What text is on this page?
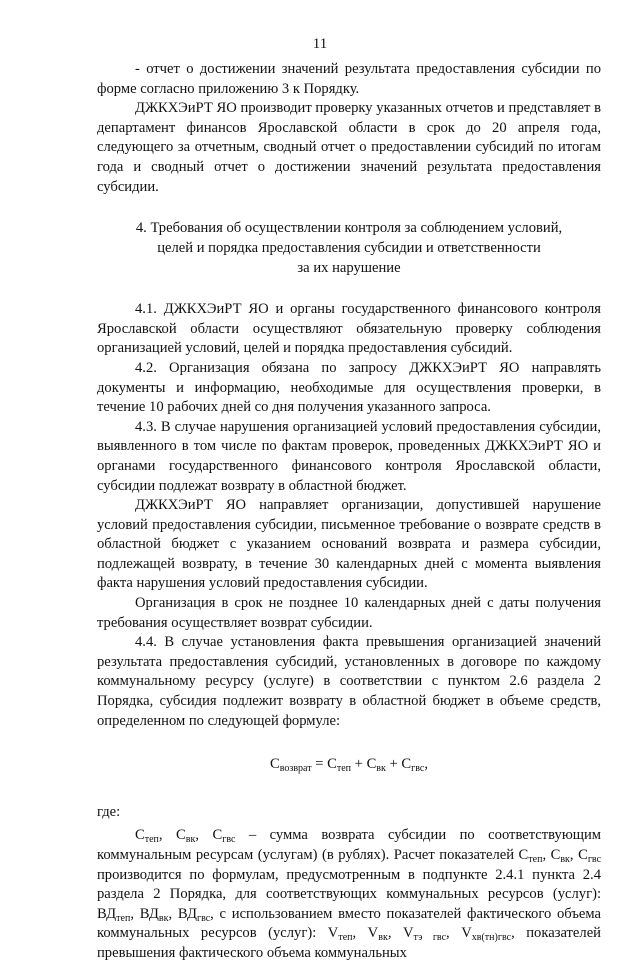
11

- отчет о достижении значений результата предоставления субсидии по форме согласно приложению 3 к Порядку.

ДЖКХЭиРТ ЯО производит проверку указанных отчетов и представляет в департамент финансов Ярославской области в срок до 20 апреля года, следующего за отчетным, сводный отчет о предоставлении субсидий по итогам года и сводный отчет о достижении значений результата предоставления субсидии.

4. Требования об осуществлении контроля за соблюдением условий,
целей и порядка предоставления субсидии и ответственности
за их нарушение

4.1. ДЖКХЭиРТ ЯО и органы государственного финансового контроля Ярославской области осуществляют обязательную проверку соблюдения организацией условий, целей и порядка предоставления субсидий.

4.2. Организация обязана по запросу ДЖКХЭиРТ ЯО направлять документы и информацию, необходимые для осуществления проверки, в течение 10 рабочих дней со дня получения указанного запроса.

4.3. В случае нарушения организацией условий предоставления субсидии, выявленного в том числе по фактам проверок, проведенных ДЖКХЭиРТ ЯО и органами государственного финансового контроля Ярославской области, субсидии подлежат возврату в областной бюджет.

ДЖКХЭиРТ ЯО направляет организации, допустившей нарушение условий предоставления субсидии, письменное требование о возврате средств в областной бюджет с указанием оснований возврата и размера субсидии, подлежащей возврату, в течение 30 календарных дней с момента выявления факта нарушения условий предоставления субсидии.

Организация в срок не позднее 10 календарных дней с даты получения требования осуществляет возврат субсидии.

4.4. В случае установления факта превышения организацией значений результата предоставления субсидий, установленных в договоре по каждому коммунальному ресурсу (услуге) в соответствии с пунктом 2.6 раздела 2 Порядка, субсидия подлежит возврату в областной бюджет в объеме средств, определенном по следующей формуле:

$С_{возврат} = С_{теп} + С_{вк} + С_{гвс}$,

где:

$С_{теп}$, $С_{вк}$, $С_{гвс}$ – сумма возврата субсидии по соответствующим коммунальным ресурсам (услугам) (в рублях). Расчет показателей $С_{теп}$, $С_{вк}$, $С_{гвс}$ производится по формулам, предусмотренным в подпункте 2.4.1 пункта 2.4 раздела 2 Порядка, для соответствующих коммунальных ресурсов (услуг): $ВД_{теп}$, $ВД_{вк}$, $ВД_{гвс}$, с использованием вместо показателей фактического объема коммунальных ресурсов (услуг): $V_{теп}$, $V_{вк}$, $V_{тэ гвс}$, $V_{хв(тн)гвс}$, показателей превышения фактического объема коммунальных
